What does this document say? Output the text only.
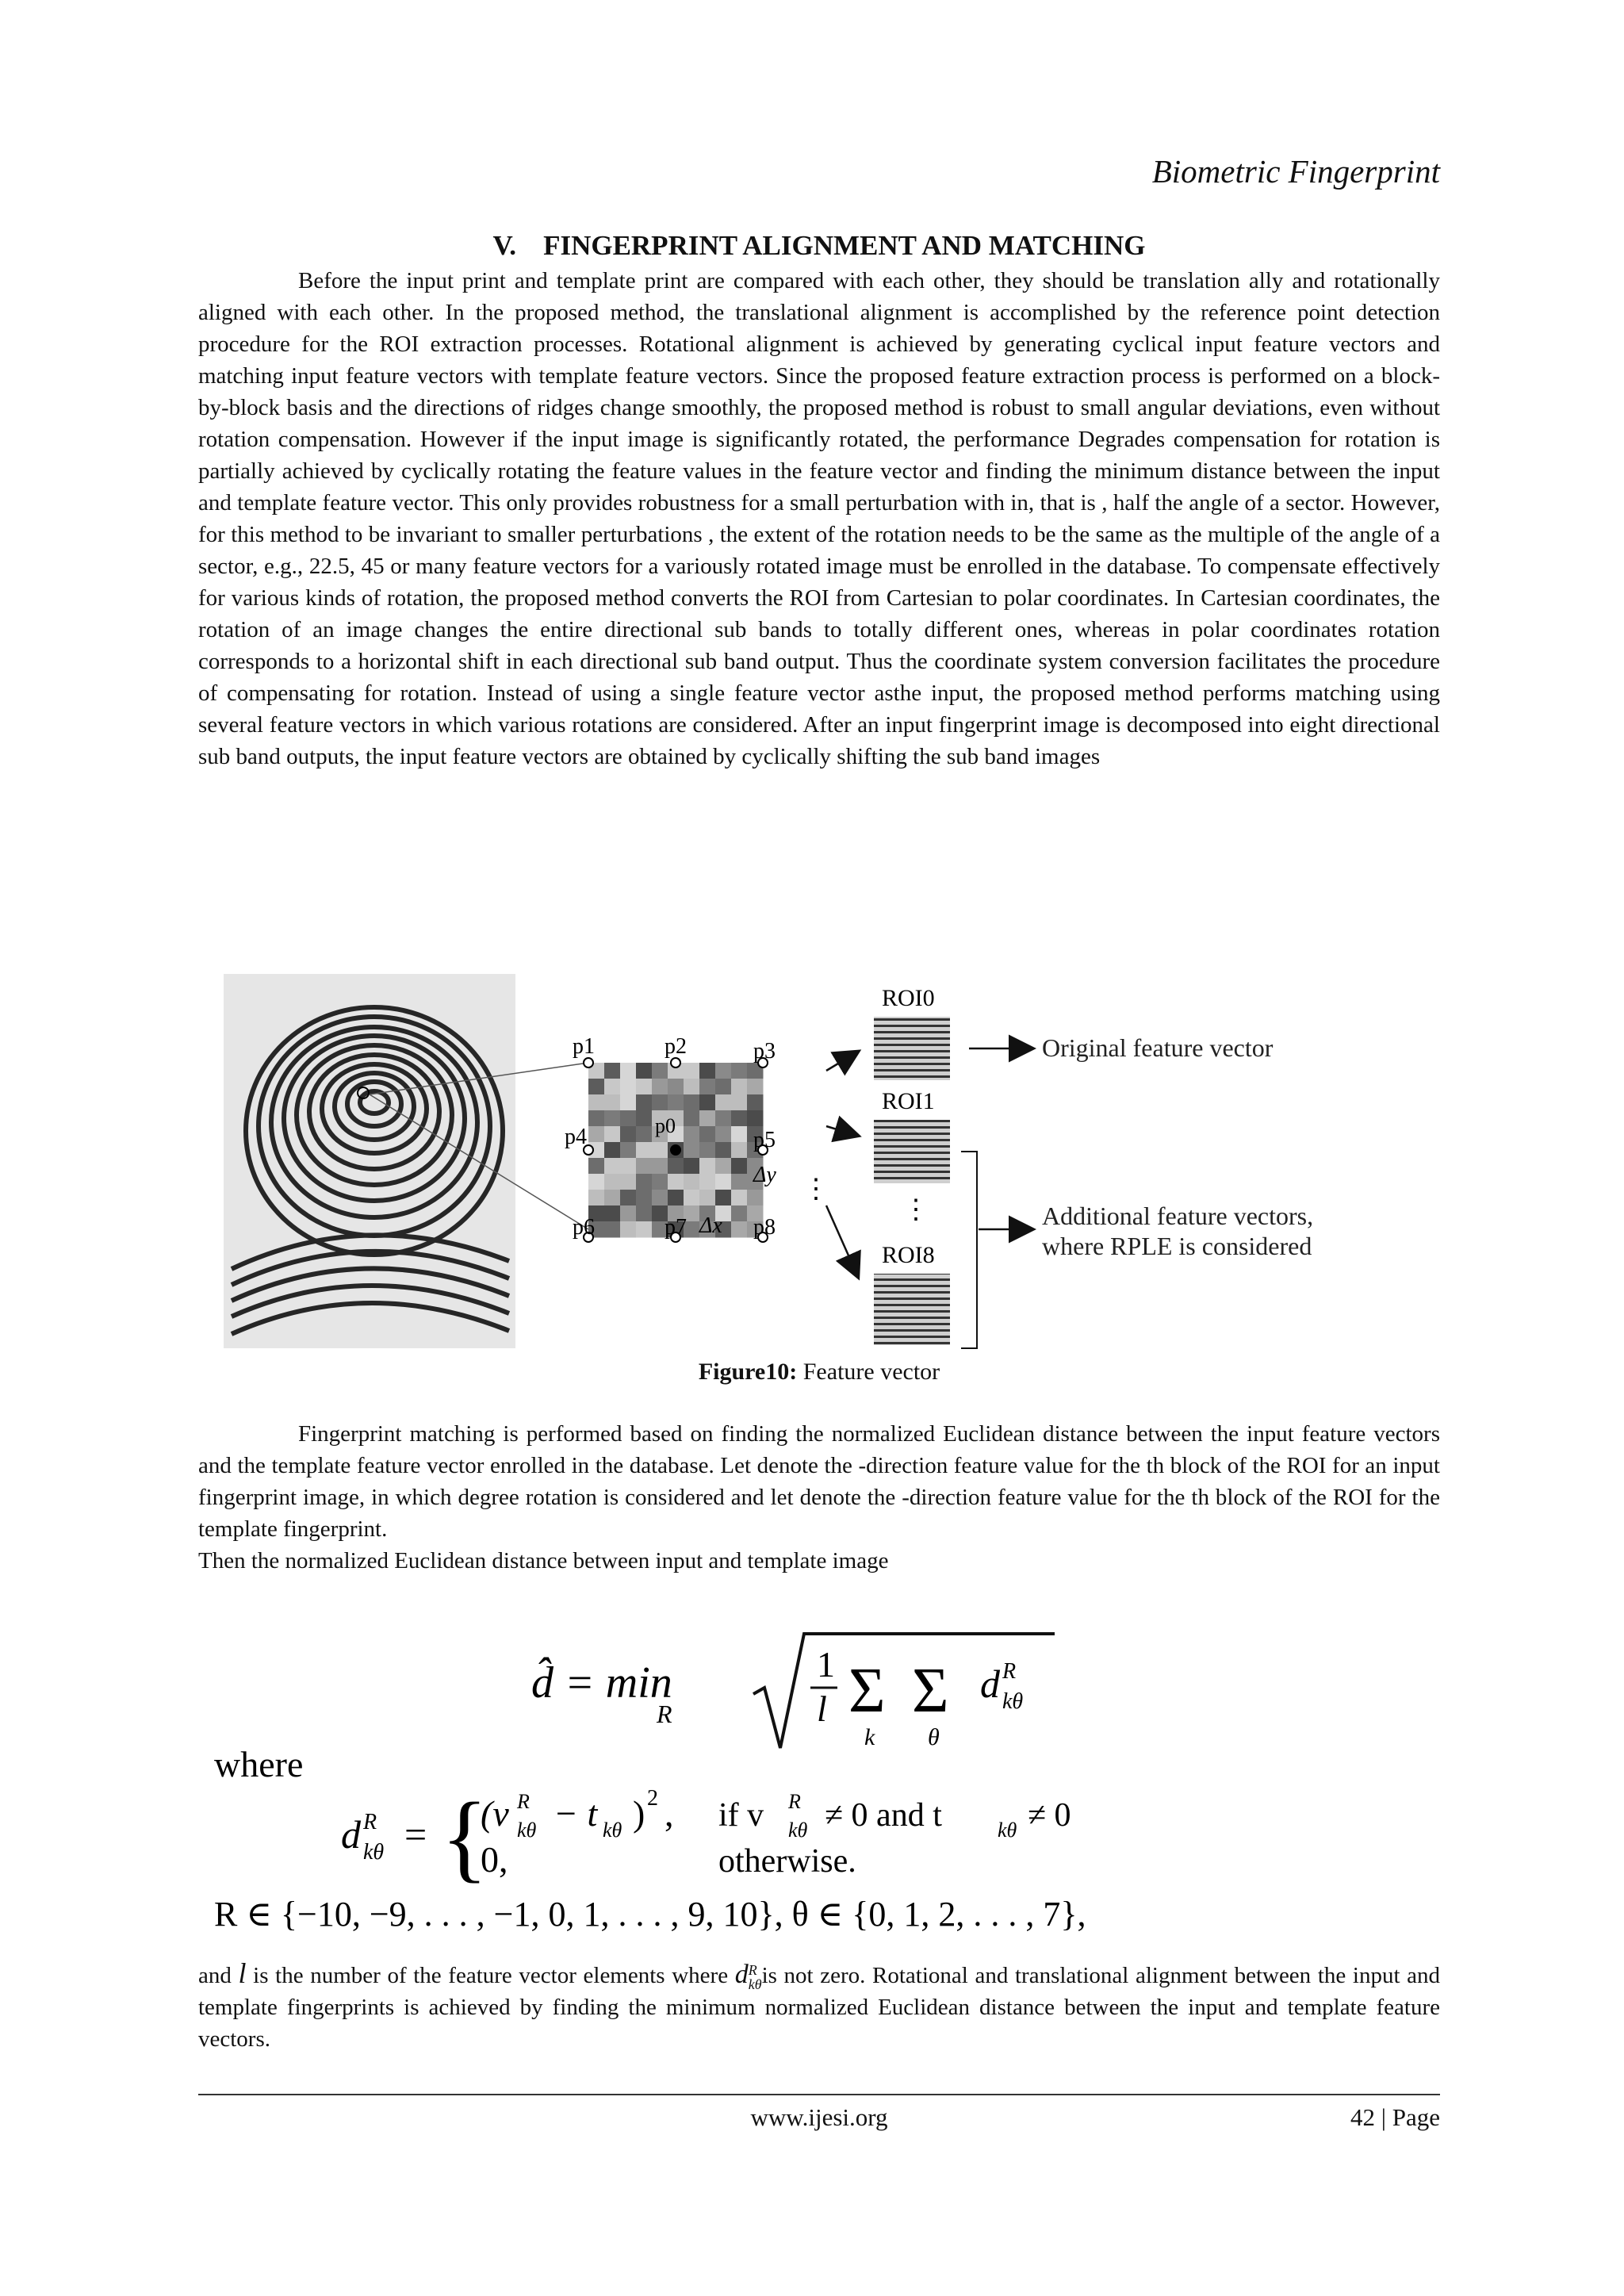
Biometric Fingerprint
V. FINGERPRINT ALIGNMENT AND MATCHING

Before the input print and template print are compared with each other, they should be translation ally and rotationally aligned with each other. In the proposed method, the translational alignment is accomplished by the reference point detection procedure for the ROI extraction processes. Rotational alignment is achieved by generating cyclical input feature vectors and matching input feature vectors with template feature vectors. Since the proposed feature extraction process is performed on a block-by-block basis and the directions of ridges change smoothly, the proposed method is robust to small angular deviations, even without rotation compensation. However if the input image is significantly rotated, the performance Degrades compensation for rotation is partially achieved by cyclically rotating the feature values in the feature vector and finding the minimum distance between the input and template feature vector. This only provides robustness for a small perturbation with in, that is , half the angle of a sector. However, for this method to be invariant to smaller perturbations , the extent of the rotation needs to be the same as the multiple of the angle of a sector, e.g., 22.5, 45 or many feature vectors for a variously rotated image must be enrolled in the database. To compensate effectively for various kinds of rotation, the proposed method converts the ROI from Cartesian to polar coordinates. In Cartesian coordinates, the rotation of an image changes the entire directional sub bands to totally different ones, whereas in polar coordinates rotation corresponds to a horizontal shift in each directional sub band output. Thus the coordinate system conversion facilitates the procedure of compensating for rotation. Instead of using a single feature vector asthe input, the proposed method performs matching using several feature vectors in which various rotations are considered. After an input fingerprint image is decomposed into eight directional sub band outputs, the input feature vectors are obtained by cyclically shifting the sub band images

p1	p2	p3
p4	p0
p5
p6	p7	p8
Δx
Δy ⋮
ROI0
ROI1
⋮
ROI8
Original feature vector
Additional feature vectors,
where RPLE is considered
Figure10: Feature vector

Fingerprint matching is performed based on finding the normalized Euclidean distance between the input feature vectors and the template feature vector enrolled in the database. Let denote the -direction feature value for the th block of the ROI for an input fingerprint image, in which degree rotation is considered and let denote the -direction feature value for the th block of the ROI for the template fingerprint.

Then the normalized Euclidean distance between input and template image

d̂ = min
R
1
l Σ
k
Σ
θ
d R
kθ
where
d R
kθ = {
(v R
kθ − t kθ ) 2 , if v R
kθ ≠ 0 and t	kθ ≠ 0
0,	otherwise.
R ∈ {−10, −9, . . . , −1, 0, 1, . . . , 9, 10}, θ ∈ {0, 1, 2, . . . , 7},

and l is the number of the feature vector elements where d R
kθ is not zero. Rotational and translational alignment between the input and template fingerprints is achieved by finding the minimum normalized Euclidean distance between the input and template feature vectors.

www.ijesi.org	42 | Page
